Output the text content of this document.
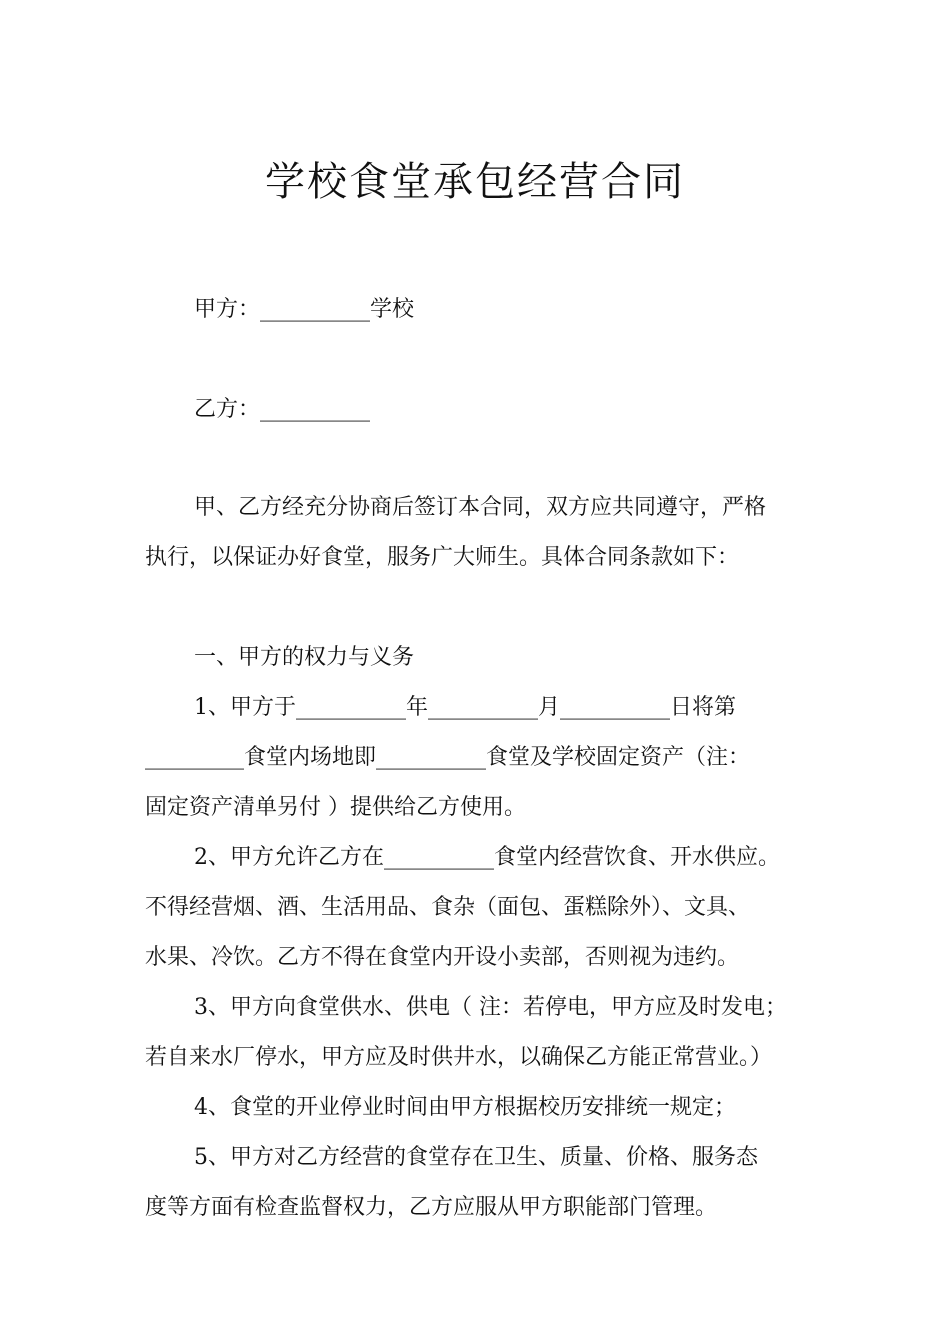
学校食堂承包经营合同
甲方：__________学校
乙方：__________
甲、乙方经充分协商后签订本合同，双方应共同遵守，严格
执行，以保证办好食堂，服务广大师生。具体合同条款如下：
一、甲方的权力与义务
1、甲方于__________年__________月__________日将第
_________食堂内场地即__________食堂及学校固定资产（注：
固定资产清单另付 ）提供给乙方使用。
2、甲方允许乙方在__________食堂内经营饮食、开水供应。
不得经营烟、酒、生活用品、食杂（面包、蛋糕除外）、文具、
水果、冷饮。乙方不得在食堂内开设小卖部，否则视为违约。
3、甲方向食堂供水、供电（ 注：若停电，甲方应及时发电；
若自来水厂停水，甲方应及时供井水，以确保乙方能正常营业。）
4、食堂的开业停业时间由甲方根据校历安排统一规定；
5、甲方对乙方经营的食堂存在卫生、质量、价格、服务态
度等方面有检查监督权力，乙方应服从甲方职能部门管理。
